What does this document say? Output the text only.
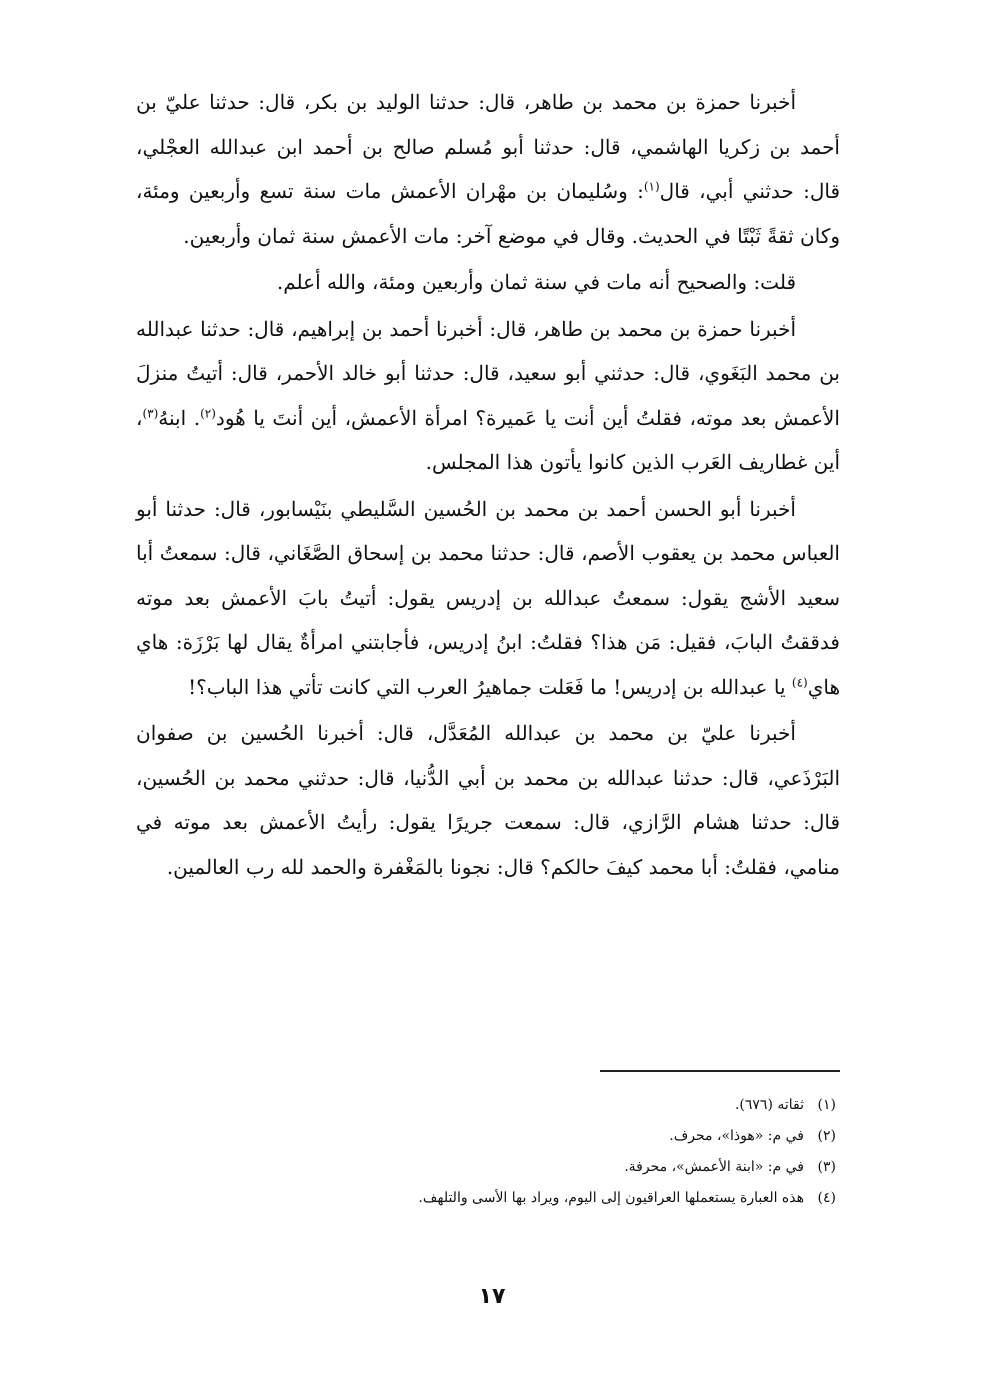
أخبرنا حمزة بن محمد بن طاهر، قال: حدثنا الوليد بن بكر، قال: حدثنا عليّ بن أحمد بن زكريا الهاشمي، قال: حدثنا أبو مُسلم صالح بن أحمد ابن عبدالله العجْلي، قال: حدثني أبي، قال$^{(١)}$: وسُليمان بن مهْران الأعمش مات سنة تسع وأربعين ومئة، وكان ثقةً ثَبْتًا في الحديث. وقال في موضع آخر: مات الأعمش سنة ثمان وأربعين.

قلت: والصحيح أنه مات في سنة ثمان وأربعين ومئة، والله أعلم.

أخبرنا حمزة بن محمد بن طاهر، قال: أخبرنا أحمد بن إبراهيم، قال: حدثنا عبدالله بن محمد البَغَوي، قال: حدثني أبو سعيد، قال: حدثنا أبو خالد الأحمر، قال: أتيتُ منزلَ الأعمش بعد موته، فقلتُ أين أنت يا عَميرة؟ امرأة الأعمش، أين أنتَ يا هُود$^{(٢)}$. ابنهُ$^{(٣)}$، أين غطاريف العَرب الذين كانوا يأتون هذا المجلس.

أخبرنا أبو الحسن أحمد بن محمد بن الحُسين السَّليطي بنَيْسابور، قال: حدثنا أبو العباس محمد بن يعقوب الأصم، قال: حدثنا محمد بن إسحاق الصَّغَاني، قال: سمعتُ أبا سعيد الأشج يقول: سمعتُ عبدالله بن إدريس يقول: أتيتُ بابَ الأعمش بعد موته فدققتُ البابَ، فقيل: مَن هذا؟ فقلتُ: ابنُ إدريس، فأجابتني امرأةٌ يقال لها بَرْزَة: هاي هاي$^{(٤)}$ يا عبدالله بن إدريس! ما فَعَلت جماهيرُ العرب التي كانت تأتي هذا الباب؟!

أخبرنا عليّ بن محمد بن عبدالله المُعَدَّل، قال: أخبرنا الحُسين بن صفوان البَرْذَعي، قال: حدثنا عبدالله بن محمد بن أبي الدُّنيا، قال: حدثني محمد بن الحُسين، قال: حدثنا هشام الرَّازي، قال: سمعت جريرًا يقول: رأيتُ الأعمش بعد موته في منامي، فقلتُ: أبا محمد كيفَ حالكم؟ قال: نجونا بالمَغْفرة والحمد لله رب العالمين.

(١)
ثقاته (٦٧٦).
(٢)
في م: «هوذا»، محرف.
(٣)
في م: «ابنة الأعمش»، محرفة.
(٤)
هذه العبارة يستعملها العراقيون إلى اليوم، ويراد بها الأسى والتلهف.
١٧
